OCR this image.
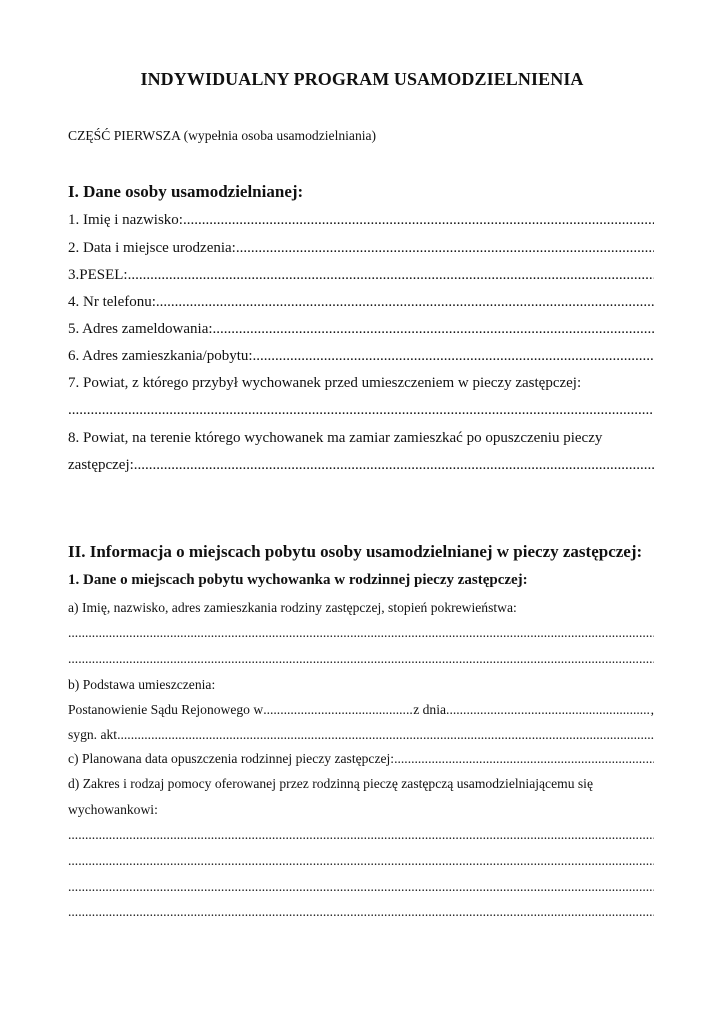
INDYWIDUALNY PROGRAM USAMODZIELNIENIA
CZĘŚĆ PIERWSZA (wypełnia osoba usamodzielniania)
I. Dane osoby usamodzielnianej:
1. Imię i nazwisko:
.....
2. Data i miejsce urodzenia:
.....
3.PESEL:
.....
4. Nr telefonu:
.....
5. Adres zameldowania:
.....
6. Adres zamieszkania/pobytu:
.....
7. Powiat, z którego przybył wychowanek przed umieszczeniem w pieczy zastępczej:
.....
8. Powiat, na terenie którego wychowanek ma zamiar zamieszkać po opuszczeniu pieczy
zastępczej:
.....
II. Informacja o miejscach pobytu osoby usamodzielnianej w pieczy zastępczej:
1. Dane o miejscach pobytu wychowanka w rodzinnej pieczy zastępczej:
a) Imię, nazwisko, adres zamieszkania rodziny zastępczej, stopień pokrewieństwa:
.....
.....
b) Podstawa umieszczenia:
Postanowienie Sądu Rejonowego w .....	z dnia .....	,
sygn. akt
.....
c) Planowana data opuszczenia rodzinnej pieczy zastępczej:
.....
d) Zakres i rodzaj pomocy oferowanej przez rodzinną pieczę zastępczą usamodzielniającemu się
wychowankowi:
.....
.....
.....
.....
